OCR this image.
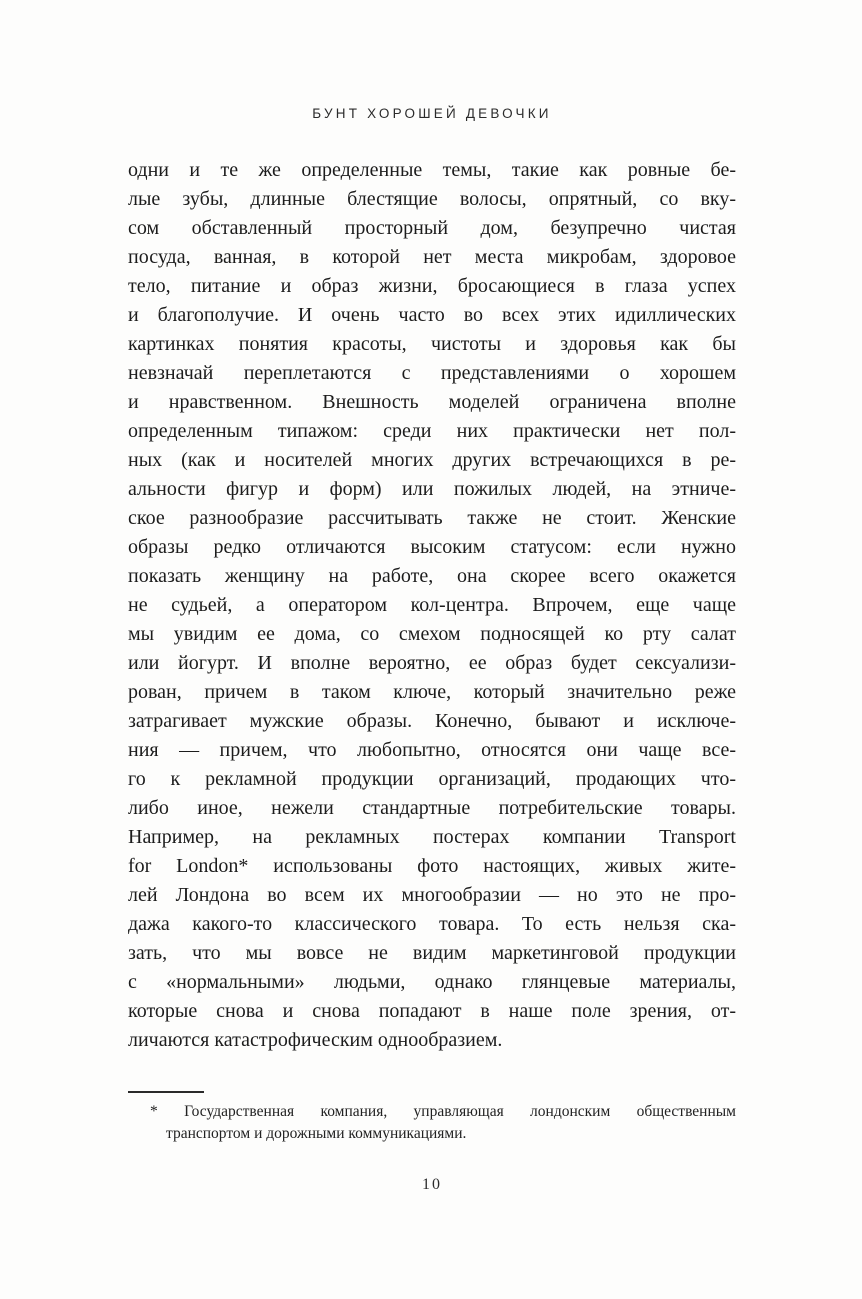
БУНТ ХОРОШЕЙ ДЕВОЧКИ
одни и те же определенные темы, такие как ровные бе-
лые зубы, длинные блестящие волосы, опрятный, со вку-
сом обставленный просторный дом, безупречно чистая
посуда, ванная, в которой нет места микробам, здоровое
тело, питание и образ жизни, бросающиеся в глаза успех
и благополучие. И очень часто во всех этих идиллических
картинках понятия красоты, чистоты и здоровья как бы
невзначай переплетаются с представлениями о хорошем
и нравственном. Внешность моделей ограничена вполне
определенным типажом: среди них практически нет пол-
ных (как и носителей многих других встречающихся в ре-
альности фигур и форм) или пожилых людей, на этниче-
ское разнообразие рассчитывать также не стоит. Женские
образы редко отличаются высоким статусом: если нужно
показать женщину на работе, она скорее всего окажется
не судьей, а оператором кол-центра. Впрочем, еще чаще
мы увидим ее дома, со смехом подносящей ко рту салат
или йогурт. И вполне вероятно, ее образ будет сексуализи-
рован, причем в таком ключе, который значительно реже
затрагивает мужские образы. Конечно, бывают и исключе-
ния — причем, что любопытно, относятся они чаще все-
го к рекламной продукции организаций, продающих что-
либо иное, нежели стандартные потребительские товары.
Например, на рекламных постерах компании Transport
for London* использованы фото настоящих, живых жите-
лей Лондона во всем их многообразии — но это не про-
дажа какого-то классического товара. То есть нельзя ска-
зать, что мы вовсе не видим маркетинговой продукции
с «нормальными» людьми, однако глянцевые материалы,
которые снова и снова попадают в наше поле зрения, от-
личаются катастрофическим однообразием.
* Государственная компания, управляющая лондонским общественным
транспортом и дорожными коммуникациями.
10
